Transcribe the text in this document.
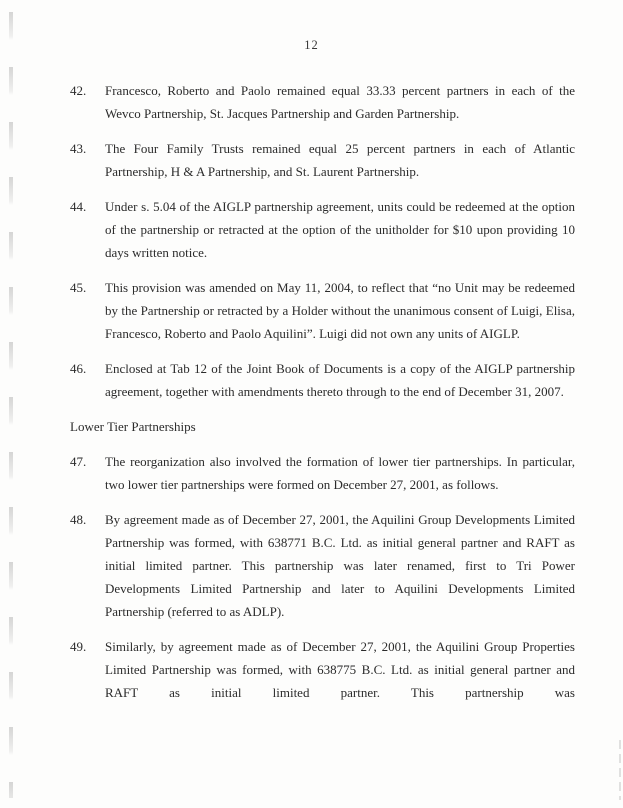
12
42.	Francesco, Roberto and Paolo remained equal 33.33 percent partners in each of the Wevco Partnership, St. Jacques Partnership and Garden Partnership.
43.	The Four Family Trusts remained equal 25 percent partners in each of Atlantic Partnership, H & A Partnership, and St. Laurent Partnership.
44.	Under s. 5.04 of the AIGLP partnership agreement, units could be redeemed at the option of the partnership or retracted at the option of the unitholder for $10 upon providing 10 days written notice.
45.	This provision was amended on May 11, 2004, to reflect that “no Unit may be redeemed by the Partnership or retracted by a Holder without the unanimous consent of Luigi, Elisa, Francesco, Roberto and Paolo Aquilini”. Luigi did not own any units of AIGLP.
46.	Enclosed at Tab 12 of the Joint Book of Documents is a copy of the AIGLP partnership agreement, together with amendments thereto through to the end of December 31, 2007.
Lower Tier Partnerships
47.	The reorganization also involved the formation of lower tier partnerships. In particular, two lower tier partnerships were formed on December 27, 2001, as follows.
48.	By agreement made as of December 27, 2001, the Aquilini Group Developments Limited Partnership was formed, with 638771 B.C. Ltd. as initial general partner and RAFT as initial limited partner. This partnership was later renamed, first to Tri Power Developments Limited Partnership and later to Aquilini Developments Limited Partnership (referred to as ADLP).
49.	Similarly, by agreement made as of December 27, 2001, the Aquilini Group Properties Limited Partnership was formed, with 638775 B.C. Ltd. as initial general partner and RAFT as initial limited partner. This partnership was
